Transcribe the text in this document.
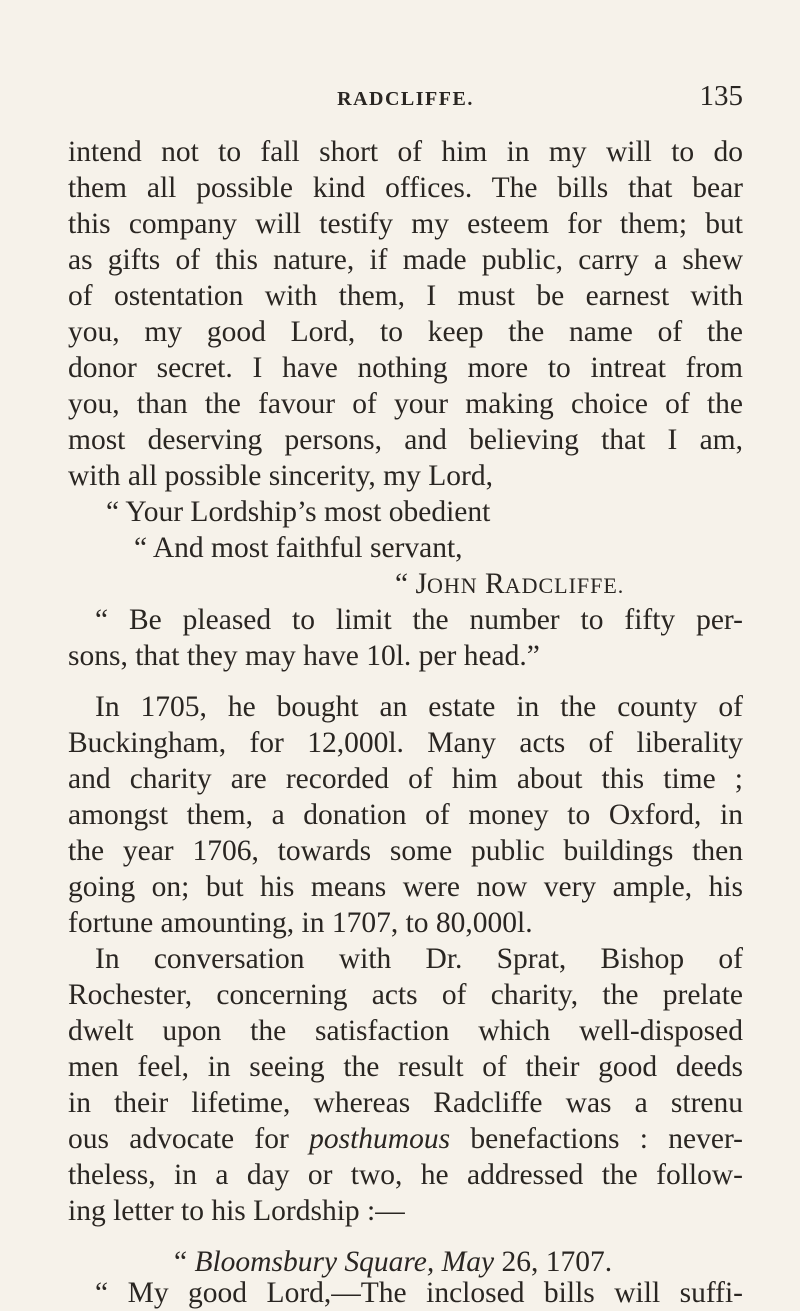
RADCLIFFE.	135
intend not to fall short of him in my will to do
them all possible kind offices. The bills that bear
this company will testify my esteem for them; but
as gifts of this nature, if made public, carry a shew
of ostentation with them, I must be earnest with
you, my good Lord, to keep the name of the
donor secret. I have nothing more to intreat from
you, than the favour of your making choice of the
most deserving persons, and believing that I am,
with all possible sincerity, my Lord,
“ Your Lordship’s most obedient
“ And most faithful servant,
“ JOHN RADCLIFFE.
“ Be pleased to limit the number to fifty per-
sons, that they may have 10l. per head.”
In 1705, he bought an estate in the county of
Buckingham, for 12,000l. Many acts of liberality
and charity are recorded of him about this time ;
amongst them, a donation of money to Oxford, in
the year 1706, towards some public buildings then
going on; but his means were now very ample, his
fortune amounting, in 1707, to 80,000l.
In conversation with Dr. Sprat, Bishop of
Rochester, concerning acts of charity, the prelate
dwelt upon the satisfaction which well-disposed
men feel, in seeing the result of their good deeds
in their lifetime, whereas Radcliffe was a strenu
ous advocate for posthumous benefactions : never-
theless, in a day or two, he addressed the follow-
ing letter to his Lordship :—
“ Bloomsbury Square, May 26, 1707.
“ My good Lord,—The inclosed bills will suffi-
